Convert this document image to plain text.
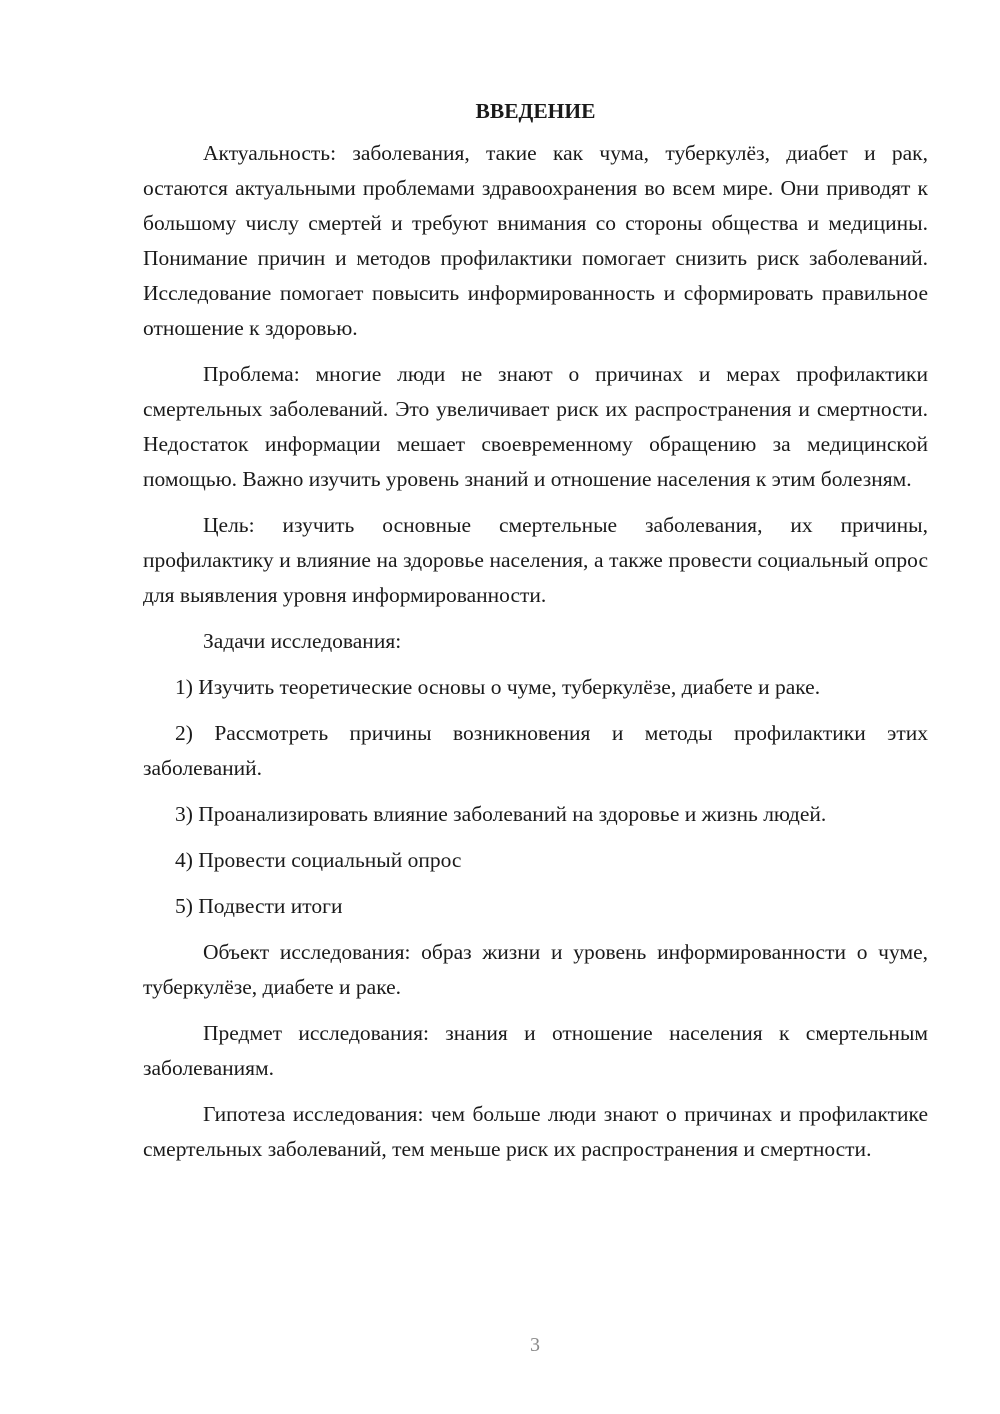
ВВЕДЕНИЕ

Актуальность: заболевания, такие как чума, туберкулёз, диабет и рак, остаются актуальными проблемами здравоохранения во всем мире. Они приводят к большому числу смертей и требуют внимания со стороны общества и медицины. Понимание причин и методов профилактики помогает снизить риск заболеваний. Исследование помогает повысить информированность и сформировать правильное отношение к здоровью.

Проблема: многие люди не знают о причинах и мерах профилактики смертельных заболеваний. Это увеличивает риск их распространения и смертности. Недостаток информации мешает своевременному обращению за медицинской помощью. Важно изучить уровень знаний и отношение населения к этим болезням.

Цель: изучить основные смертельные заболевания, их причины, профилактику и влияние на здоровье населения, а также провести социальный опрос для выявления уровня информированности.

Задачи исследования:

1) Изучить теоретические основы о чуме, туберкулёзе, диабете и раке.

2) Рассмотреть причины возникновения и методы профилактики этих заболеваний.

3) Проанализировать влияние заболеваний на здоровье и жизнь людей.

4) Провести социальный опрос

5) Подвести итоги

Объект исследования: образ жизни и уровень информированности о чуме, туберкулёзе, диабете и раке.

Предмет исследования: знания и отношение населения к смертельным заболеваниям.

Гипотеза исследования: чем больше люди знают о причинах и профилактике смертельных заболеваний, тем меньше риск их распространения и смертности.

3
